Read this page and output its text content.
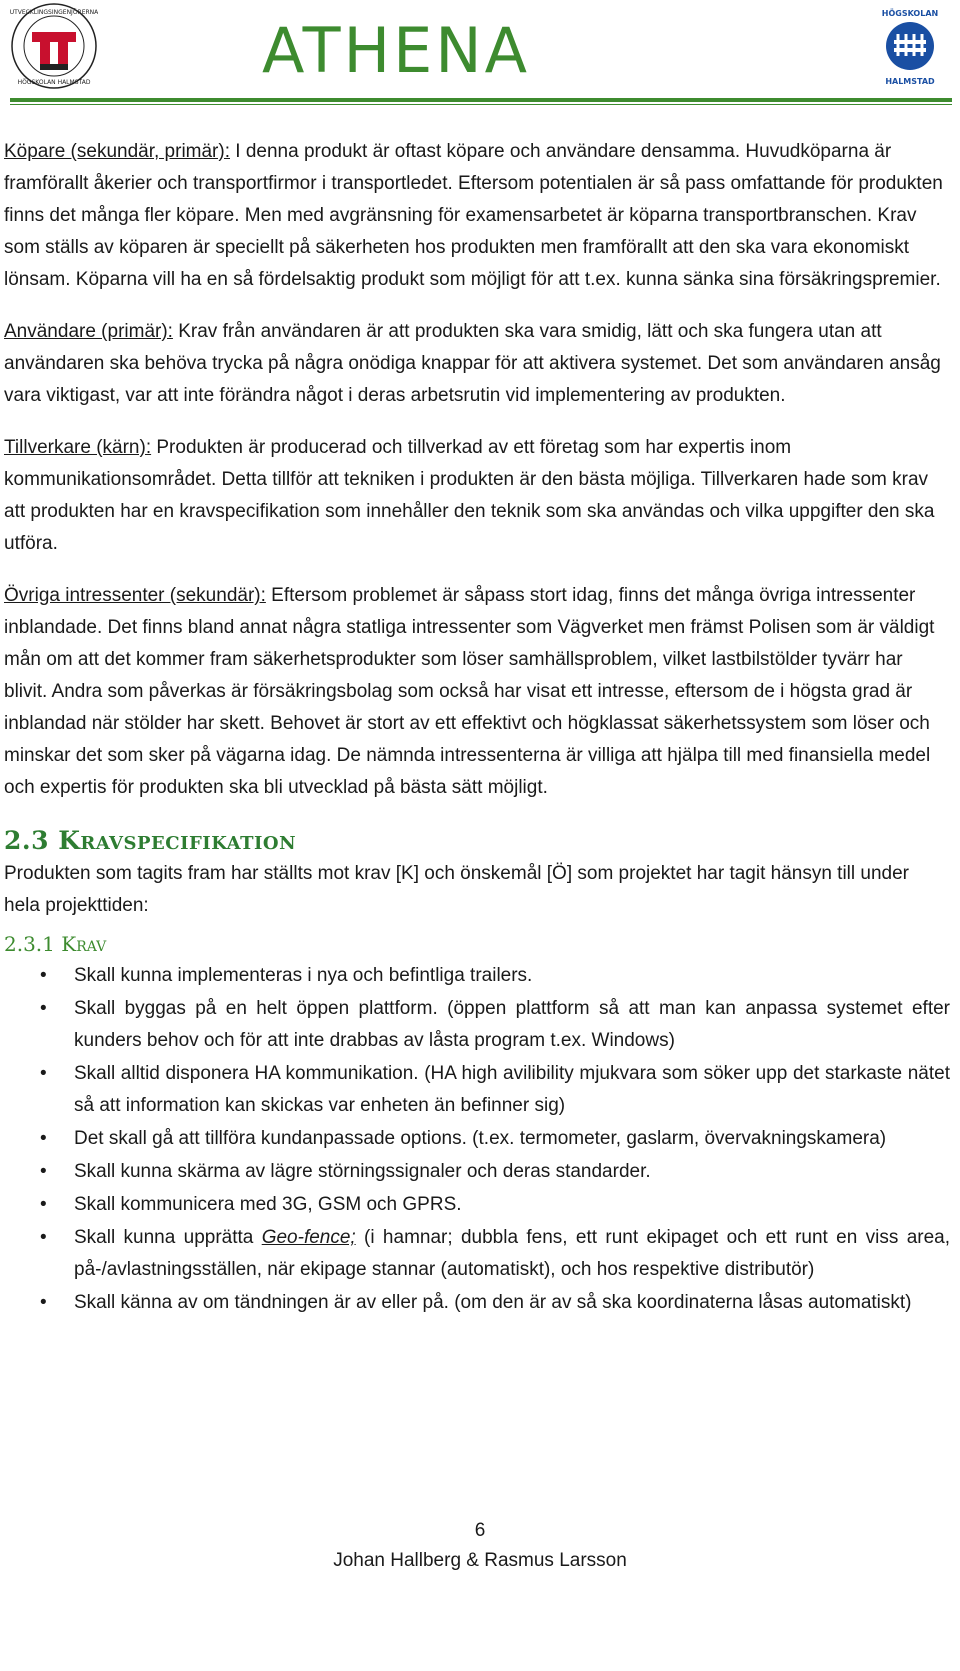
UTVECKLINGSINGENJÖRERNA
HÖGSKOLAN HALMSTAD	ATHENA
HÖGSKOLAN
HALMSTAD

Köpare (sekundär, primär): I denna produkt är oftast köpare och användare densamma. Huvudköparna är framförallt åkerier och transportfirmor i transportledet. Eftersom potentialen är så pass omfattande för produkten finns det många fler köpare. Men med avgränsning för examensarbetet är köparna transportbranschen. Krav som ställs av köparen är speciellt på säkerheten hos produkten men framförallt att den ska vara ekonomiskt lönsam. Köparna vill ha en så fördelsaktig produkt som möjligt för att t.ex. kunna sänka sina försäkringspremier.

Användare (primär): Krav från användaren är att produkten ska vara smidig, lätt och ska fungera utan att användaren ska behöva trycka på några onödiga knappar för att aktivera systemet. Det som användaren ansåg vara viktigast, var att inte förändra något i deras arbetsrutin vid implementering av produkten.

Tillverkare (kärn): Produkten är producerad och tillverkad av ett företag som har expertis inom kommunikationsområdet. Detta tillför att tekniken i produkten är den bästa möjliga. Tillverkaren hade som krav att produkten har en kravspecifikation som innehåller den teknik som ska användas och vilka uppgifter den ska utföra.

Övriga intressenter (sekundär): Eftersom problemet är såpass stort idag, finns det många övriga intressenter inblandade. Det finns bland annat några statliga intressenter som Vägverket men främst Polisen som är väldigt mån om att det kommer fram säkerhetsprodukter som löser samhällsproblem, vilket lastbilstölder tyvärr har blivit. Andra som påverkas är försäkringsbolag som också har visat ett intresse, eftersom de i högsta grad är inblandad när stölder har skett. Behovet är stort av ett effektivt och högklassat säkerhetssystem som löser och minskar det som sker på vägarna idag. De nämnda intressenterna är villiga att hjälpa till med finansiella medel och expertis för produkten ska bli utvecklad på bästa sätt möjligt.

2.3 Kravspecifikation
Produkten som tagits fram har ställts mot krav [K] och önskemål [Ö] som projektet har tagit hänsyn till under hela projekttiden:
2.3.1 Krav
• Skall kunna implementeras i nya och befintliga trailers.
• Skall byggas på en helt öppen plattform. (öppen plattform så att man kan anpassa systemet efter kunders behov och för att inte drabbas av låsta program t.ex. Windows)
• Skall alltid disponera HA kommunikation. (HA high avilibility mjukvara som söker upp det starkaste nätet så att information kan skickas var enheten än befinner sig)
• Det skall gå att tillföra kundanpassade options. (t.ex. termometer, gaslarm, övervakningskamera)
• Skall kunna skärma av lägre störningssignaler och deras standarder.
• Skall kommunicera med 3G, GSM och GPRS.
• Skall kunna upprätta Geo-fence; (i hamnar; dubbla fens, ett runt ekipaget och ett runt en viss area, på-/avlastningsställen, när ekipage stannar (automatiskt), och hos respektive distributör)
• Skall känna av om tändningen är av eller på. (om den är av så ska koordinaterna låsas automatiskt)
6
Johan Hallberg & Rasmus Larsson
